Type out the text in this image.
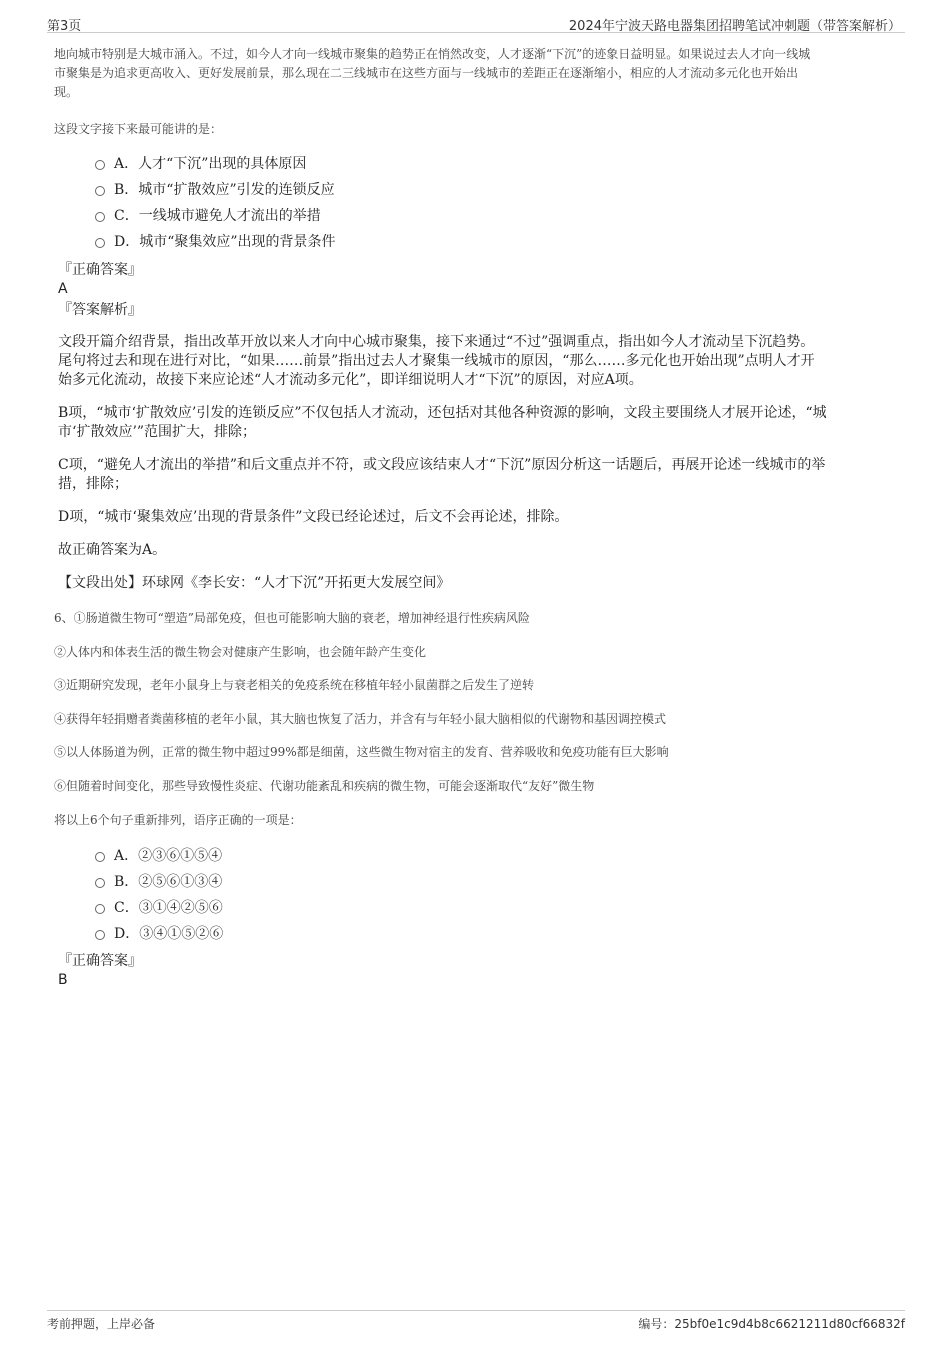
第3页	2024年宁波天路电器集团招聘笔试冲刺题（带答案解析）
地向城市特别是大城市涌入。不过，如今人才向一线城市聚集的趋势正在悄然改变，人才逐渐“下沉”的迹象日益明显。如果说过去人才向一线城
市聚集是为追求更高收入、更好发展前景，那么现在二三线城市在这些方面与一线城市的差距正在逐渐缩小，相应的人才流动多元化也开始出
现。
这段文字接下来最可能讲的是：
A．人才“下沉”出现的具体原因
B．城市“扩散效应”引发的连锁反应
C．一线城市避免人才流出的举措
D．城市“聚集效应”出现的背景条件
『正确答案』
A
『答案解析』
文段开篇介绍背景，指出改革开放以来人才向中心城市聚集，接下来通过“不过”强调重点，指出如今人才流动呈下沉趋势。
尾句将过去和现在进行对比，“如果……前景”指出过去人才聚集一线城市的原因，“那么……多元化也开始出现”点明人才开
始多元化流动，故接下来应论述“人才流动多元化”，即详细说明人才“下沉”的原因，对应A项。
B项，“城市‘扩散效应’引发的连锁反应”不仅包括人才流动，还包括对其他各种资源的影响，文段主要围绕人才展开论述，“城
市‘扩散效应’”范围扩大，排除；
C项，“避免人才流出的举措”和后文重点并不符，或文段应该结束人才“下沉”原因分析这一话题后，再展开论述一线城市的举
措，排除；
D项，“城市‘聚集效应’出现的背景条件”文段已经论述过，后文不会再论述，排除。
故正确答案为A。
【文段出处】环球网《李长安：“人才下沉”开拓更大发展空间》
6、①肠道微生物可“塑造”局部免疫，但也可能影响大脑的衰老，增加神经退行性疾病风险
②人体内和体表生活的微生物会对健康产生影响，也会随年龄产生变化
③近期研究发现，老年小鼠身上与衰老相关的免疫系统在移植年轻小鼠菌群之后发生了逆转
④获得年轻捐赠者粪菌移植的老年小鼠，其大脑也恢复了活力，并含有与年轻小鼠大脑相似的代谢物和基因调控模式
⑤以人体肠道为例，正常的微生物中超过99%都是细菌，这些微生物对宿主的发育、营养吸收和免疫功能有巨大影响
⑥但随着时间变化，那些导致慢性炎症、代谢功能紊乱和疾病的微生物，可能会逐渐取代“友好”微生物
将以上6个句子重新排列，语序正确的一项是：
A．②③⑥①⑤④
B．②⑤⑥①③④
C．③①④②⑤⑥
D．③④①⑤②⑥
『正确答案』
B
考前押题，上岸必备	编号：25bf0e1c9d4b8c6621211d80cf66832f
